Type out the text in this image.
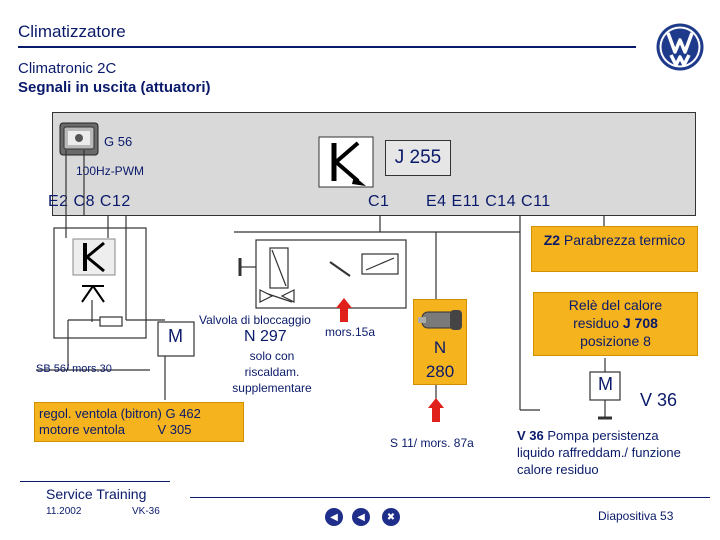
Climatizzatore
Climatronic 2C
Segnali in uscita (attuatori)
G 56
100Hz-PWM
J 255
E2 C8 C12	C1 E4 E11 C14 C11
M
Z2 Parabrezza termico
Relè del calore
residuo J 708
posizione 8
Valvola di bloccaggio
N 297	mors.15a
solo con riscaldam. supplementare
SB 56/ mors.30
N
280
S 11/ mors. 87a
regol. ventola (bitron) G 462
motore ventola	V 305
M
V 36
V 36 Pompa persistenza liquido raffreddam./ funzione calore residuo
Service Training
11.2002	VK-36	◀	◀	✖	Diapositiva 53
